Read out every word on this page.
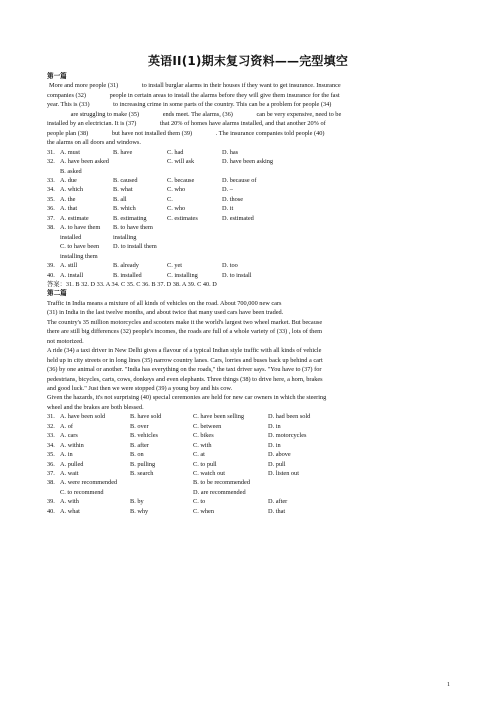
英语II(1)期末复习资料——完型填空

第一篇

More and more people (31)	to install burglar alarms in their houses if they want to get insurance. Insurance

companies (32)	people in certain areas to install the alarms before they will give them insurance for the fast

year. This is (33)	to increasing crime in some parts of the country. This can be a problem for people (34)

are struggling to make (35)	ends meet. The alarms, (36)	can be very expensive, need to be

installed by an electrician. It is (37)	that 20% of homes have alarms installed, and that another 20% of

people plan (38)	but have not installed them (39)	. The insurance companies told people (40)

the alarms on all doors and windows.

31. A. must	B. have	C. had	D. has
32. A. have been asked B. asked
C. will ask	D. have been asking
33. A. due	B. caused	C. because	D. because of
34. A. which	B. what	C. who	D. –
35. A. the	B. all	C.	D. those
36. A. that	B. which	C. who	D. it
37. A. estimate	B. estimating	C. estimates	D. estimated
38. A. to have them installed
B. to have them installing
C. to have been installing them
D. to install them
39. A. still	B. already	C. yet	D. too
40. A. install	B. installed	C. installing	D. to install

答案：31. B 32. D 33. A 34. C 35. C 36. B 37. D 38. A 39. C 40. D

第二篇

Traffic in India means a mixture of all kinds of vehicles on the road. About 700,000 new cars

(31) in India in the last twelve months, and about twice that many used cars have been traded.

The country's 35 million motorcycles and scooters make it the world's largest two wheel market. But because

there are still big differences (32) people's incomes, the roads are full of a whole variety of (33) , lots of them

not motorized.

A ride (34) a taxi driver in New Delhi gives a flavour of a typical Indian style traffic with all kinds of vehicle

held up in city streets or in long lines (35) narrow country lanes. Cars, lorries and buses back up behind a cart

(36) by one animal or another. "India has everything on the roads," the taxi driver says. "You have to (37) for

pedestrians, bicycles, carts, cows, donkeys and even elephants. Three things (38) to drive here, a horn, brakes

and good luck." Just then we were stopped (39) a young boy and his cow.

Given the hazards, it's not surprising (40) special ceremonies are held for new car owners in which the steering

wheel and the brakes are both blessed.

31. A. have been sold	B. have sold	C. have been selling	D. had been sold
32. A. of	B. over	C. between	D. in
33. A. cars	B. vehicles	C. bikes	D. motorcycles
34. A. within	B. after	C. with	D. in
35. A. in	B. on	C. at	D. above
36. A. pulled	B. pulling	C. to pull	D. pull
37. A. wait	B. search	C. watch out	D. listen out
38. A. were recommended	B. to be recommended
C. to recommend	D. are recommended
39. A. with	B. by	C. to	D. after
40. A. what	B. why	C. when	D. that
1
